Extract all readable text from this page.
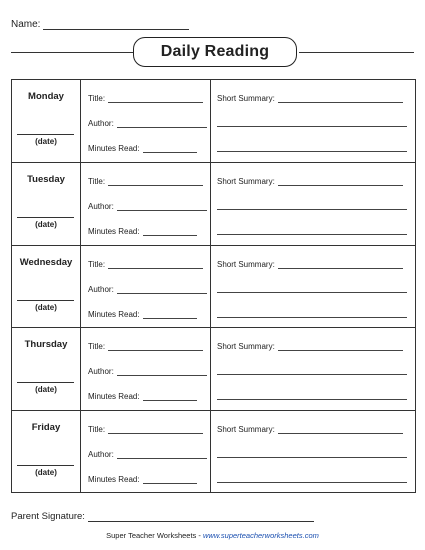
Name:
Daily Reading
Monday
(date)
Title:
Author:
Minutes Read:
Short Summary:
Tuesday
(date)
Title:
Author:
Minutes Read:
Short Summary:
Wednesday
(date)
Title:
Author:
Minutes Read:
Short Summary:
Thursday
(date)
Title:
Author:
Minutes Read:
Short Summary:
Friday
(date)
Title:
Author:
Minutes Read:
Short Summary:
Parent Signature:
Super Teacher Worksheets - www.superteacherworksheets.com
